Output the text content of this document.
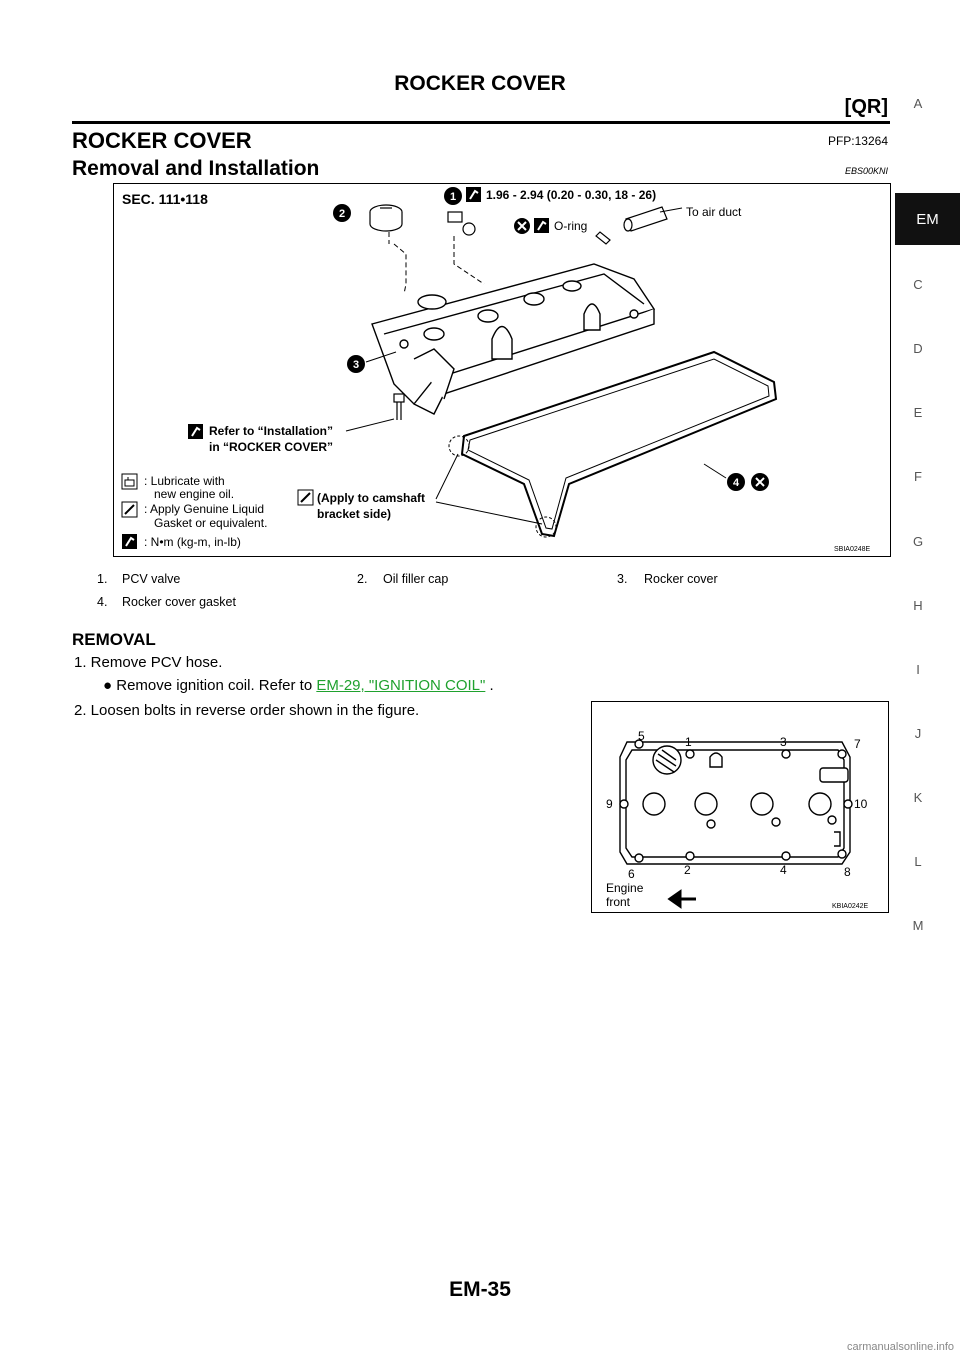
ROCKER COVER
[QR]
ROCKER COVER	PFP:13264
Removal and Installation	EBS00KNI
SEC. 111•118	1 1.96 - 2.94 (0.20 - 0.30, 18 - 26)
2
O-ring
To air duct
3
4
Refer to “Installation”
in “ROCKER COVER”
: Lubricate with
new engine oil.
: Apply Genuine Liquid
Gasket or equivalent.
: N•m (kg-m, in-lb)
(Apply to camshaft
bracket side)
SBIA0248E
1. PCV valve	2. Oil filler cap	3. Rocker cover
4. Rocker cover gasket
REMOVAL
1. Remove PCV hose.
● Remove ignition coil. Refer to EM-29, "IGNITION COIL" .
2. Loosen bolts in reverse order shown in the figure.
5	1	3	7
9	10
6	2	4	8
Engine
front	KBIA0242E
A
EM
C
D
E
F
G
H
I
J
K
L
M
EM-35
carmanualsonline.info
